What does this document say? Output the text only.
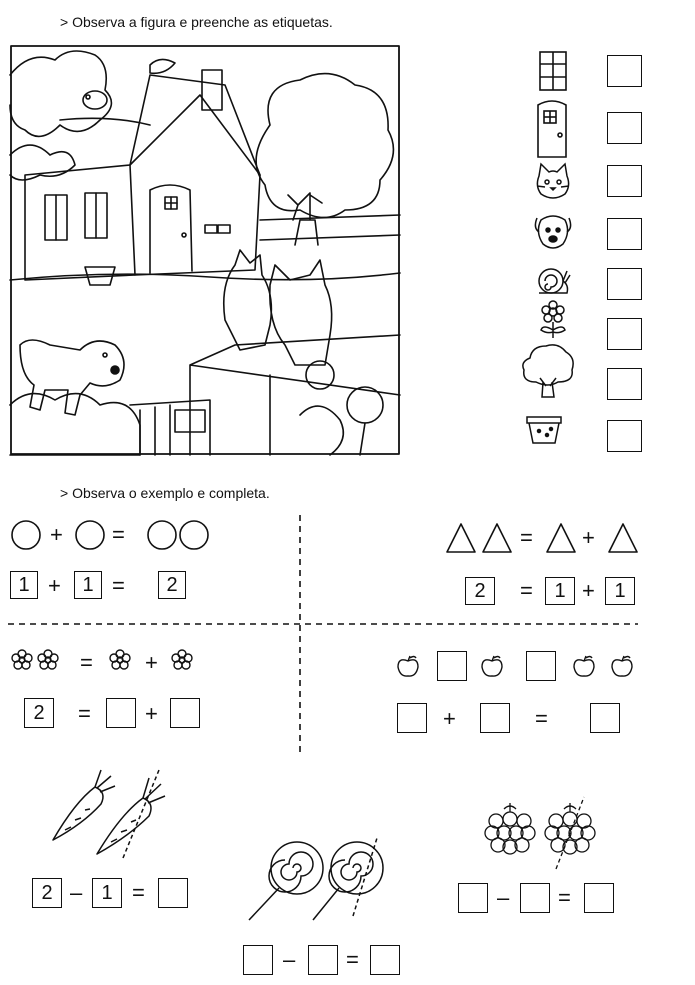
> Observa a figura e preenche as etiquetas.
> Observa o exemplo e completa.
+ =
1 +	1 =	2
= +
2	=	1 + 1
= +
2	= +	+	=
2 – 1 =
– =
– =
